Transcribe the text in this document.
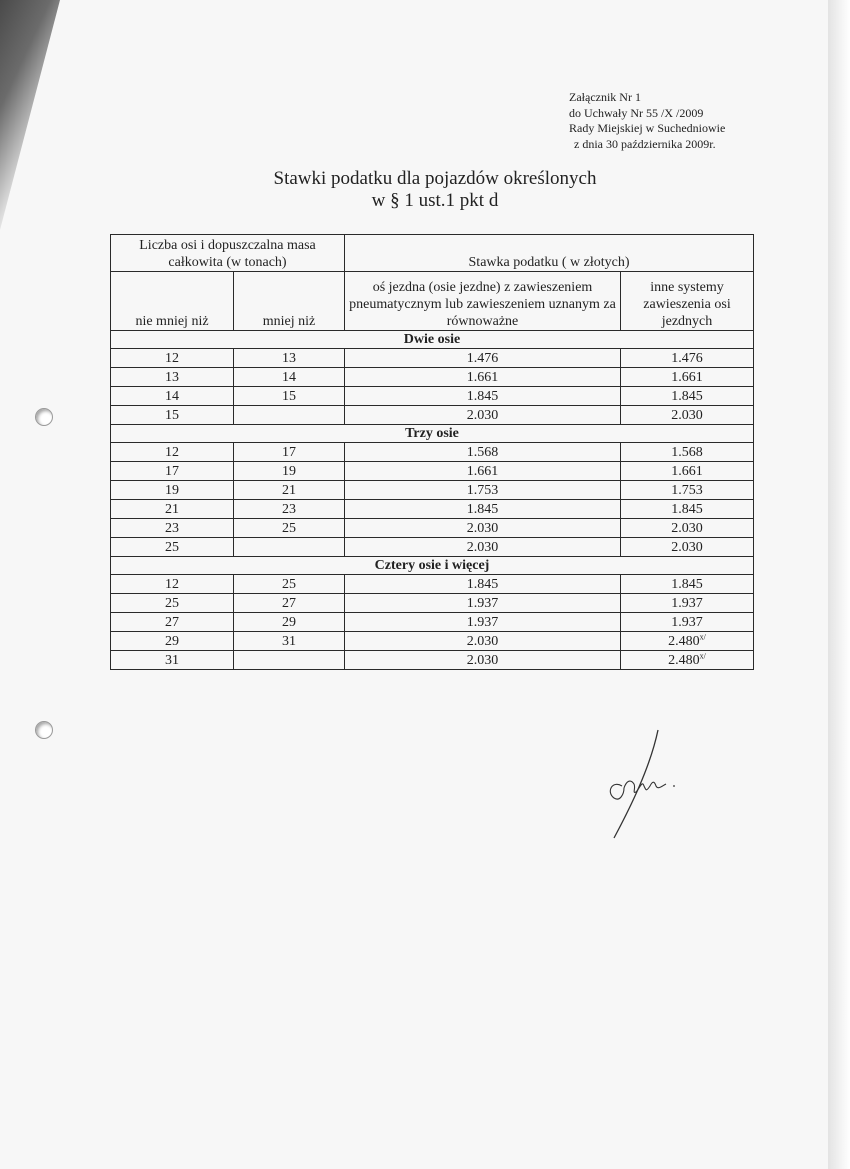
Załącznik Nr 1
do Uchwały Nr 55 /X /2009
Rady Miejskiej w Suchedniowie
z dnia 30 października 2009r.
Stawki podatku dla pojazdów określonych
w § 1 ust.1 pkt d
Liczba osi i dopuszczalna masa całkowita (w tonach)		Stawka podatku ( w złotych)	
nie mniej niż	mniej niż	oś jezdna (osie jezdne) z zawieszeniem pneumatycznym lub zawieszeniem uznanym za równoważne	inne systemy zawieszenia osi jezdnych
Dwie osie			
12	13	1.476	1.476
13	14	1.661	1.661
14	15	1.845	1.845
15		2.030	2.030
Trzy osie			
12	17	1.568	1.568
17	19	1.661	1.661
19	21	1.753	1.753
21	23	1.845	1.845
23	25	2.030	2.030
25		2.030	2.030
Cztery osie i więcej			
12	25	1.845	1.845
25	27	1.937	1.937
27	29	1.937	1.937
29	31	2.030	$2.480^{x/}$
31		2.030	$2.480^{x/}$
